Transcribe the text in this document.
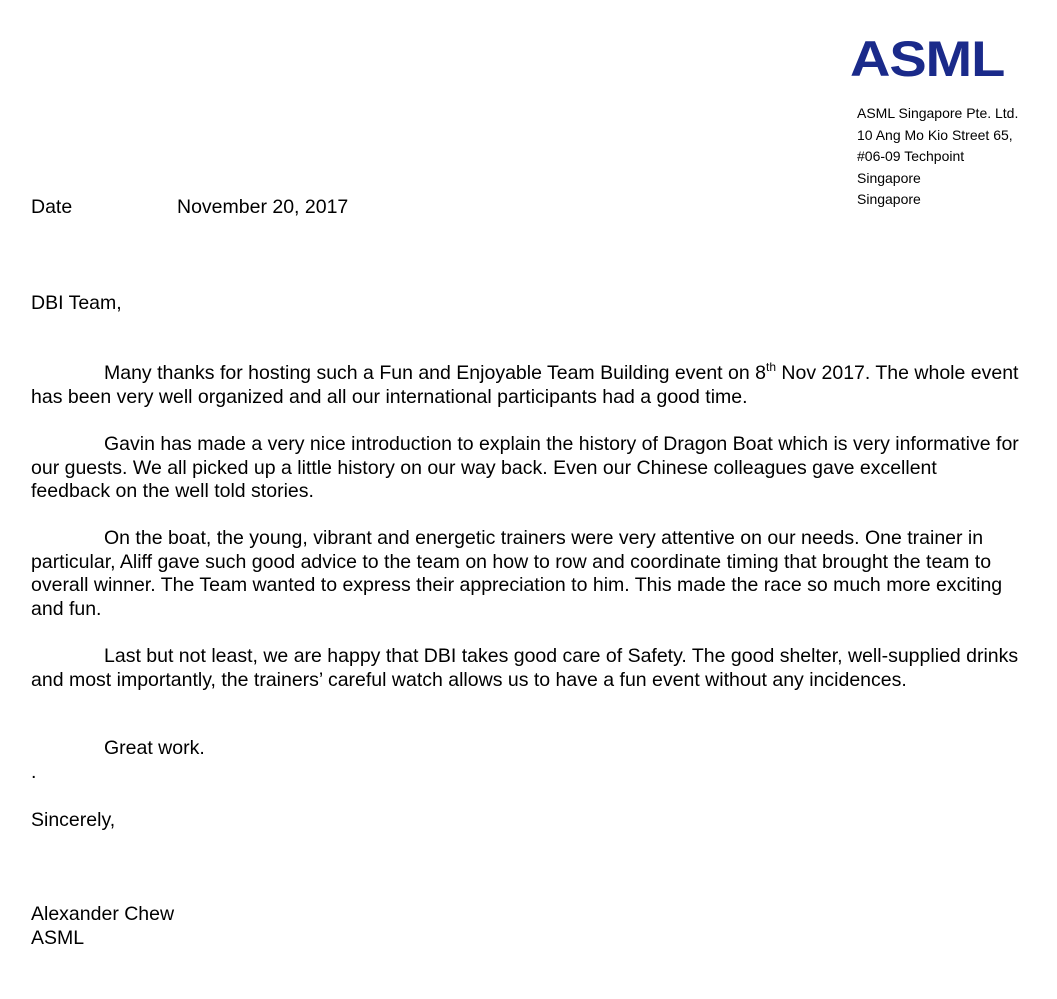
ASML
ASML Singapore Pte. Ltd.
10 Ang Mo Kio Street 65,
#06-09 Techpoint
Singapore
Singapore
Date	November 20, 2017
DBI Team,

Many thanks for hosting such a Fun and Enjoyable Team Building event on 8th Nov 2017. The whole event has been very well organized and all our international participants had a good time.

Gavin has made a very nice introduction to explain the history of Dragon Boat which is very informative for our guests. We all picked up a little history on our way back. Even our Chinese colleagues gave excellent feedback on the well told stories.

On the boat, the young, vibrant and energetic trainers were very attentive on our needs. One trainer in particular, Aliff gave such good advice to the team on how to row and coordinate timing that brought the team to overall winner. The Team wanted to express their appreciation to him. This made the race so much more exciting and fun.

Last but not least, we are happy that DBI takes good care of Safety. The good shelter, well-supplied drinks and most importantly, the trainers’ careful watch allows us to have a fun event without any incidences.

Great work.

.
Sincerely,
Alexander Chew
ASML
